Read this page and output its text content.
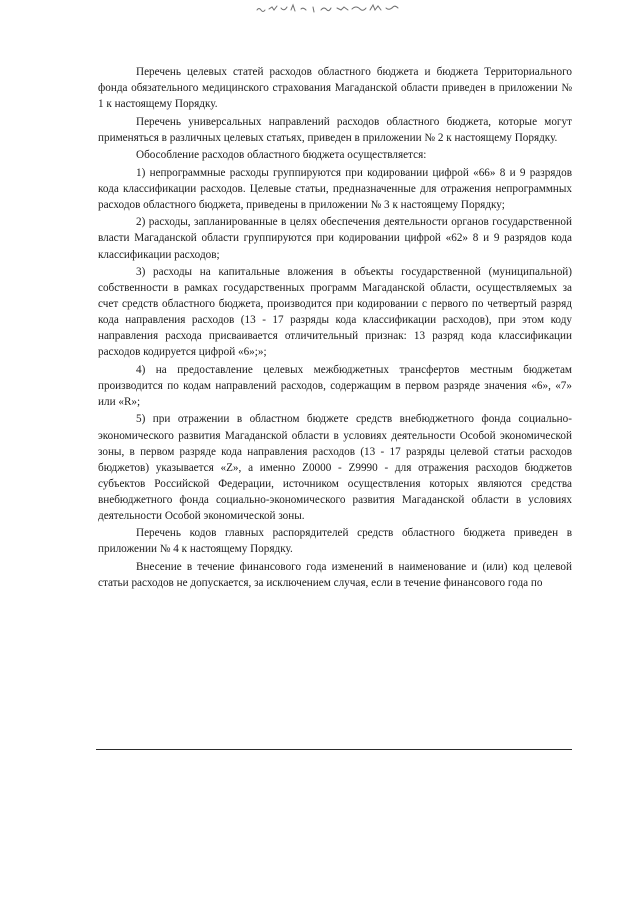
Перечень целевых статей расходов областного бюджета и бюджета Территориального фонда обязательного медицинского страхования Магаданской области приведен в приложении № 1 к настоящему Порядку.

Перечень универсальных направлений расходов областного бюджета, которые могут применяться в различных целевых статьях, приведен в приложении № 2 к настоящему Порядку.

Обособление расходов областного бюджета осуществляется:

1) непрограммные расходы группируются при кодировании цифрой «66» 8 и 9 разрядов кода классификации расходов. Целевые статьи, предназначенные для отражения непрограммных расходов областного бюджета, приведены в приложении № 3 к настоящему Порядку;

2) расходы, запланированные в целях обеспечения деятельности органов государственной власти Магаданской области группируются при кодировании цифрой «62» 8 и 9 разрядов кода классификации расходов;

3) расходы на капитальные вложения в объекты государственной (муниципальной) собственности в рамках государственных программ Магаданской области, осуществляемых за счет средств областного бюджета, производится при кодировании с первого по четвертый разряд кода направления расходов (13 - 17 разряды кода классификации расходов), при этом коду направления расхода присваивается отличительный признак: 13 разряд кода классификации расходов кодируется цифрой «6»;»;

4) на предоставление целевых межбюджетных трансфертов местным бюджетам производится по кодам направлений расходов, содержащим в первом разряде значения «6», «7» или «R»;

5) при отражении в областном бюджете средств внебюджетного фонда социально-экономического развития Магаданской области в условиях деятельности Особой экономической зоны, в первом разряде кода направления расходов (13 - 17 разряды целевой статьи расходов бюджетов) указывается «Z», а именно Z0000 - Z9990 - для отражения расходов бюджетов субъектов Российской Федерации, источником осуществления которых являются средства внебюджетного фонда социально-экономического развития Магаданской области в условиях деятельности Особой экономической зоны.

Перечень кодов главных распорядителей средств областного бюджета приведен в приложении № 4 к настоящему Порядку.

Внесение в течение финансового года изменений в наименование и (или) код целевой статьи расходов не допускается, за исключением случая, если в течение финансового года по
